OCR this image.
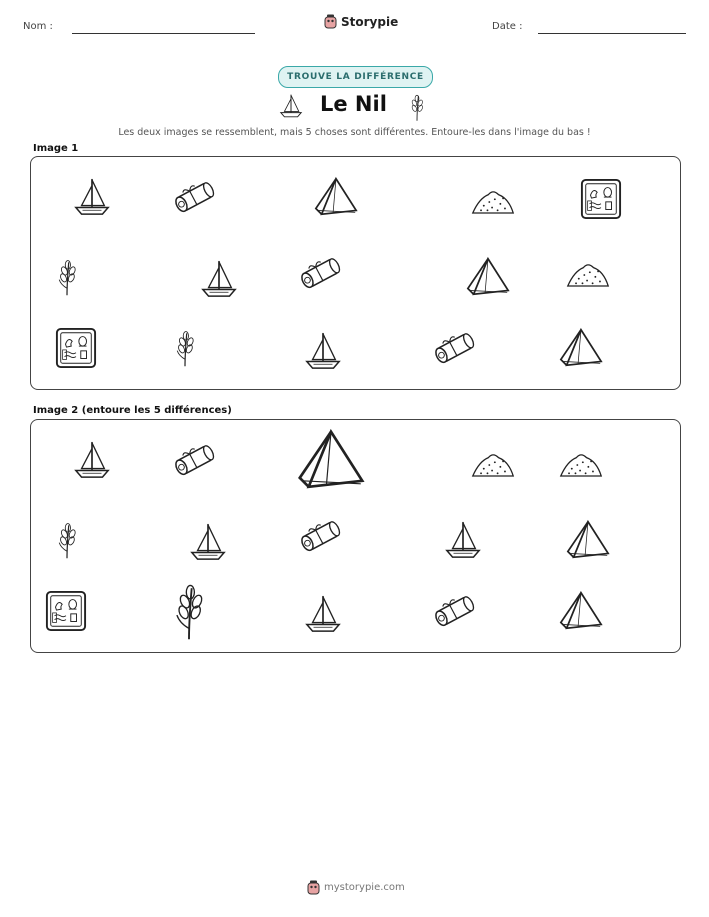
Nom :	Storypie	Date :
TROUVE LA DIFFÉRENCE
Le Nil
Les deux images se ressemblent, mais 5 choses sont différentes. Entoure-les dans l'image du bas !
Image 1
Image 2 (entoure les 5 différences)
mystorypie.com
